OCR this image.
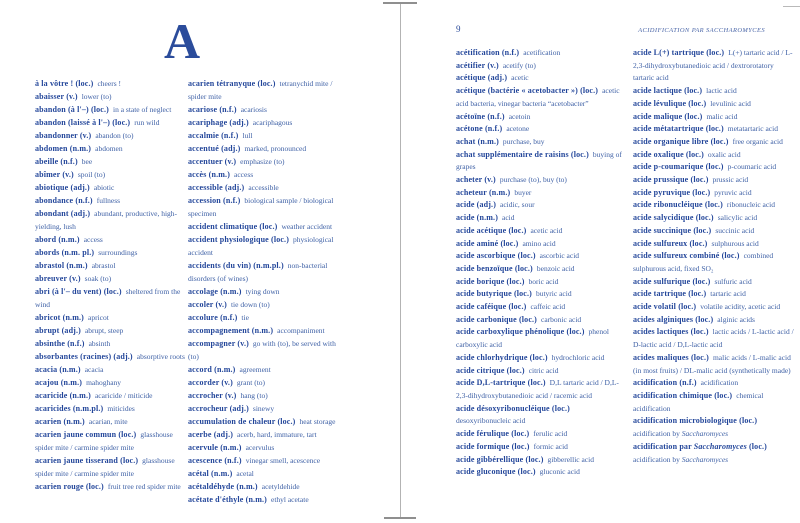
A
à la vôtre ! (loc.) cheers !
abaisser (v.) lower (to)
abandon (à l'–) (loc.) in a state of neglect
abandon (laissé à l'–) (loc.) run wild
abandonner (v.) abandon (to)
abdomen (n.m.) abdomen
abeille (n.f.) bee
abîmer (v.) spoil (to)
abiotique (adj.) abiotic
abondance (n.f.) fullness
abondant (adj.) abundant, productive, high-yielding, lush
abord (n.m.) access
abords (n.m. pl.) surroundings
abrastol (n.m.) abrastol
abreuver (v.) soak (to)
abri (à l'– du vent) (loc.) sheltered from the wind
abricot (n.m.) apricot
abrupt (adj.) abrupt, steep
absinthe (n.f.) absinth
absorbantes (racines) (adj.) absorptive roots
acacia (n.m.) acacia
acajou (n.m.) mahoghany
acaricide (n.m.) acaricide / miticide
acaricides (n.m.pl.) miticides
acarien (n.m.) acarian, mite
acarien jaune commun (loc.) glasshouse spider mite / carmine spider mite
acarien jaune tisserand (loc.) glasshouse spider mite / carmine spider mite
acarien rouge (loc.) fruit tree red spider mite
acarien tétranyque (loc.) tetranychid mite / spider mite
acariose (n.f.) acariosis
acariphage (adj.) acariphagous
accalmie (n.f.) lull
accentué (adj.) marked, pronounced
accentuer (v.) emphasize (to)
accès (n.m.) access
accessible (adj.) accessible
accession (n.f.) biological sample / biological specimen
accident climatique (loc.) weather accident
accident physiologique (loc.) physiological accident
accidents (du vin) (n.m.pl.) non-bacterial disorders (of wines)
accolage (n.m.) tying down
accoler (v.) tie down (to)
accolure (n.f.) tie
accompagnement (n.m.) accompaniment
accompagner (v.) go with (to), be served with (to)
accord (n.m.) agreement
accorder (v.) grant (to)
accrocher (v.) hang (to)
accrocheur (adj.) sinewy
accumulation de chaleur (loc.) heat storage
acerbe (adj.) acerb, hard, immature, tart
acervule (n.m.) acervulus
acescence (n.f.) vinegar smell, acescence
acétal (n.m.) acetal
acétaldéhyde (n.m.) acetyldehide
acétate d'éthyle (n.m.) ethyl acetate
9	ACIDIFICATION PAR SACCHAROMYCES
acétification (n.f.) acetification
acétifier (v.) acetify (to)
acétique (adj.) acetic
acétique (bactérie « acetobacter ») (loc.) acetic acid bacteria, vinegar bacteria “acetobacter”
acétoïne (n.f.) acetoin
acétone (n.f.) acetone
achat (n.m.) purchase, buy
achat supplémentaire de raisins (loc.) buying of grapes
acheter (v.) purchase (to), buy (to)
acheteur (n.m.) buyer
acide (adj.) acidic, sour
acide (n.m.) acid
acide acétique (loc.) acetic acid
acide aminé (loc.) amino acid
acide ascorbique (loc.) ascorbic acid
acide benzoïque (loc.) benzoic acid
acide borique (loc.) boric acid
acide butyrique (loc.) butyric acid
acide caféique (loc.) caffeic acid
acide carbonique (loc.) carbonic acid
acide carboxylique phénolique (loc.) phenol carboxylic acid
acide chlorhydrique (loc.) hydrochloric acid
acide citrique (loc.) citric acid
acide D,L-tartrique (loc.) D,L tartaric acid / D,L-2,3-dihydroxybutanedioic acid / racemic acid
acide désoxyribonucléique (loc.) desoxyribonucleic acid
acide férulique (loc.) ferulic acid
acide formique (loc.) formic acid
acide gibbérellique (loc.) gibberellic acid
acide gluconique (loc.) gluconic acid
acide L(+) tartrique (loc.) L(+) tartaric acid / L-2,3-dihydroxybutanedioic acid / dextrorotatory tartaric acid
acide lactique (loc.) lactic acid
acide lévulique (loc.) levulinic acid
acide malique (loc.) malic acid
acide métatartrique (loc.) metatartaric acid
acide organique libre (loc.) free organic acid
acide oxalique (loc.) oxalic acid
acide p-coumarique (loc.) p-coumaric acid
acide prussique (loc.) prussic acid
acide pyruvique (loc.) pyruvic acid
acide ribonucléique (loc.) ribonucleic acid
acide salycidique (loc.) salicylic acid
acide succinique (loc.) succinic acid
acide sulfureux (loc.) sulphurous acid
acide sulfureux combiné (loc.) combined sulphurous acid, fixed SO₂
acide sulfurique (loc.) sulfuric acid
acide tartrique (loc.) tartaric acid
acide volatil (loc.) volatile acidity, acetic acid
acides alginiques (loc.) alginic acids
acides lactiques (loc.) lactic acids / L-lactic acid / D-lactic acid / D,L-lactic acid
acides maliques (loc.) malic acids / L-malic acid (in most fruits) / DL-malic acid (synthetically made)
acidification (n.f.) acidification
acidification chimique (loc.) chemical acidification
acidification microbiologique (loc.) acidification by Saccharomyces
acidification par Saccharomyces (loc.) acidification by Saccharomyces
